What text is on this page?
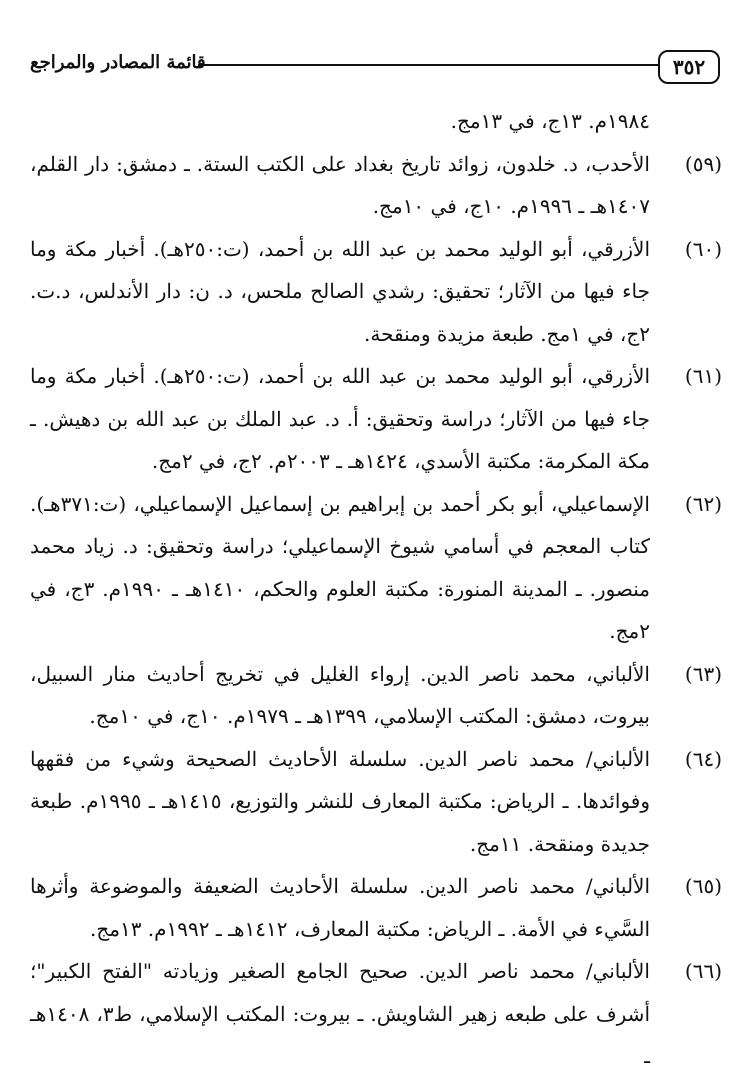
٣٥٢
قائمة المصادر والمراجع
١٩٨٤م. ١٣ج، في ١٣مج.
(٥٩)
الأحدب، د. خلدون، زوائد تاريخ بغداد على الكتب الستة. ـ دمشق: دار القلم، ١٤٠٧هـ ـ ١٩٩٦م. ١٠ج، في ١٠مج.
(٦٠)
الأزرقي، أبو الوليد محمد بن عبد الله بن أحمد، (ت:٢٥٠هـ). أخبار مكة وما جاء فيها من الآثار؛ تحقيق: رشدي الصالح ملحس، د. ن: دار الأندلس، د.ت. ٢ج، في ١مج. طبعة مزيدة ومنقحة.
(٦١)
الأزرقي، أبو الوليد محمد بن عبد الله بن أحمد، (ت:٢٥٠هـ). أخبار مكة وما جاء فيها من الآثار؛ دراسة وتحقيق: أ. د. عبد الملك بن عبد الله بن دهيش. ـ مكة المكرمة: مكتبة الأسدي، ١٤٢٤هـ ـ ٢٠٠٣م. ٢ج، في ٢مج.
(٦٢)
الإسماعيلي، أبو بكر أحمد بن إبراهيم بن إسماعيل الإسماعيلي، (ت:٣٧١هـ). كتاب المعجم في أسامي شيوخ الإسماعيلي؛ دراسة وتحقيق: د. زياد محمد منصور. ـ المدينة المنورة: مكتبة العلوم والحكم، ١٤١٠هـ ـ ١٩٩٠م. ٣ج، في ٢مج.
(٦٣)
الألباني، محمد ناصر الدين. إرواء الغليل في تخريج أحاديث منار السبيل، بيروت، دمشق: المكتب الإسلامي، ١٣٩٩هـ ـ ١٩٧٩م. ١٠ج، في ١٠مج.
(٦٤)
الألباني/ محمد ناصر الدين. سلسلة الأحاديث الصحيحة وشيء من فقهها وفوائدها. ـ الرياض: مكتبة المعارف للنشر والتوزيع، ١٤١٥هـ ـ ١٩٩٥م. طبعة جديدة ومنقحة. ١١مج.
(٦٥)
الألباني/ محمد ناصر الدين. سلسلة الأحاديث الضعيفة والموضوعة وأثرها السَّيء في الأمة. ـ الرياض: مكتبة المعارف، ١٤١٢هـ ـ ١٩٩٢م. ١٣مج.
(٦٦)
الألباني/ محمد ناصر الدين. صحيح الجامع الصغير وزيادته "الفتح الكبير"؛ أشرف على طبعه زهير الشاويش. ـ بيروت: المكتب الإسلامي، ط٣، ١٤٠٨هـ ـ
